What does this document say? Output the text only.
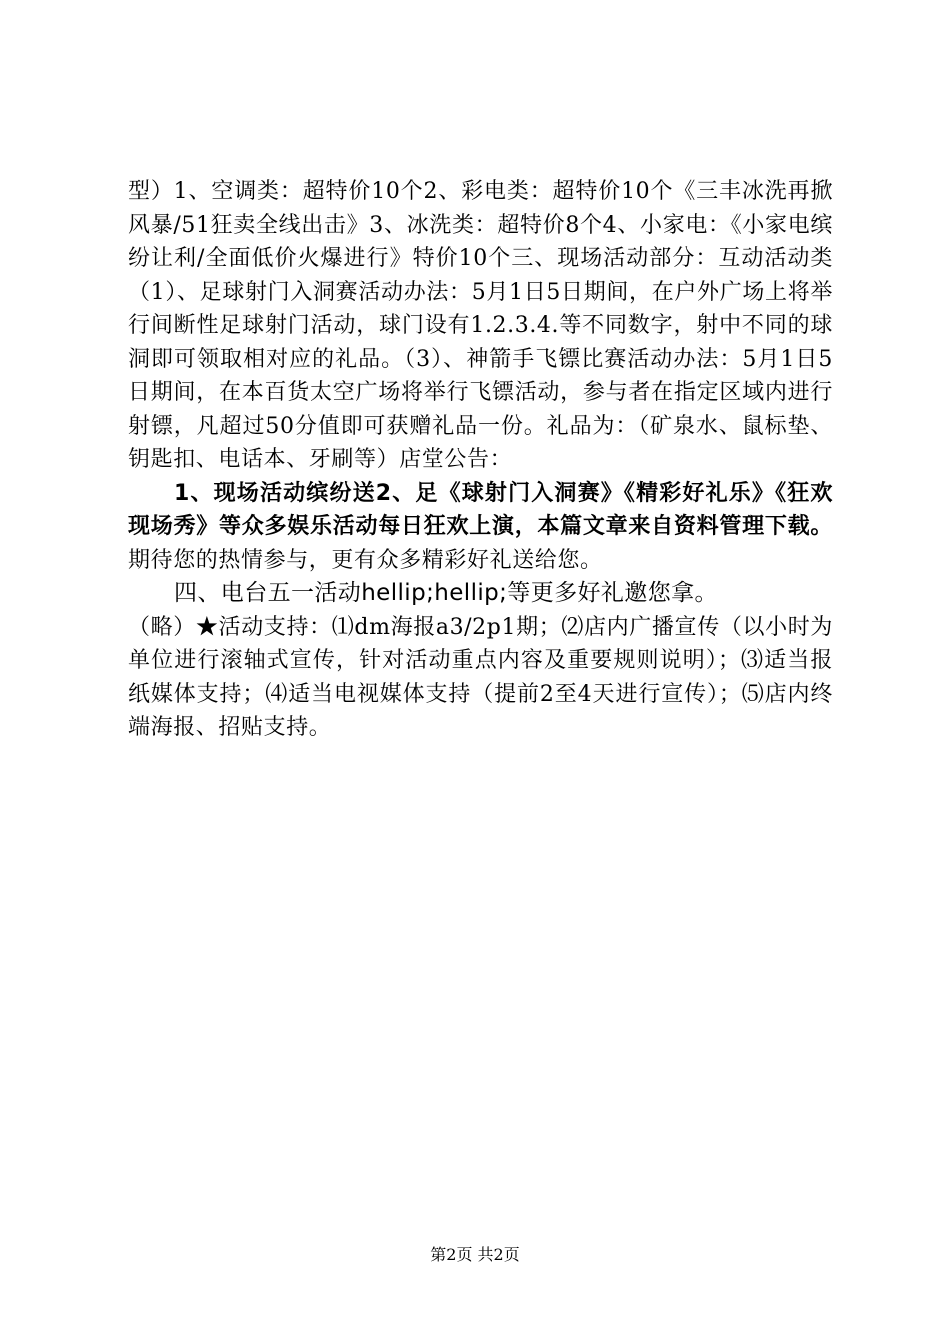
型）1、空调类：超特价10个2、彩电类：超特价10个《三丰冰洗再掀风暴/51狂卖全线出击》3、冰洗类：超特价8个4、小家电：《小家电缤纷让利/全面低价火爆进行》特价10个三、现场活动部分：互动活动类（1）、足球射门入洞赛活动办法：5月1日5日期间，在户外广场上将举行间断性足球射门活动，球门设有1.2.3.4.等不同数字，射中不同的球洞即可领取相对应的礼品。（3）、神箭手飞镖比赛活动办法：5月1日5日期间，在本百货太空广场将举行飞镖活动，参与者在指定区域内进行射镖，凡超过50分值即可获赠礼品一份。礼品为：（矿泉水、鼠标垫、钥匙扣、电话本、牙刷等）店堂公告：

1、现场活动缤纷送2、足《球射门入洞赛》《精彩好礼乐》《狂欢现场秀》等众多娱乐活动每日狂欢上演，本篇文章来自资料管理下载。期待您的热情参与，更有众多精彩好礼送给您。

四、电台五一活动hellip;hellip;等更多好礼邀您拿。

（略）★活动支持：⑴dm海报a3/2p1期；⑵店内广播宣传（以小时为单位进行滚轴式宣传，针对活动重点内容及重要规则说明）；⑶适当报纸媒体支持；⑷适当电视媒体支持（提前2至4天进行宣传）；⑸店内终端海报、招贴支持。

第2页 共2页
